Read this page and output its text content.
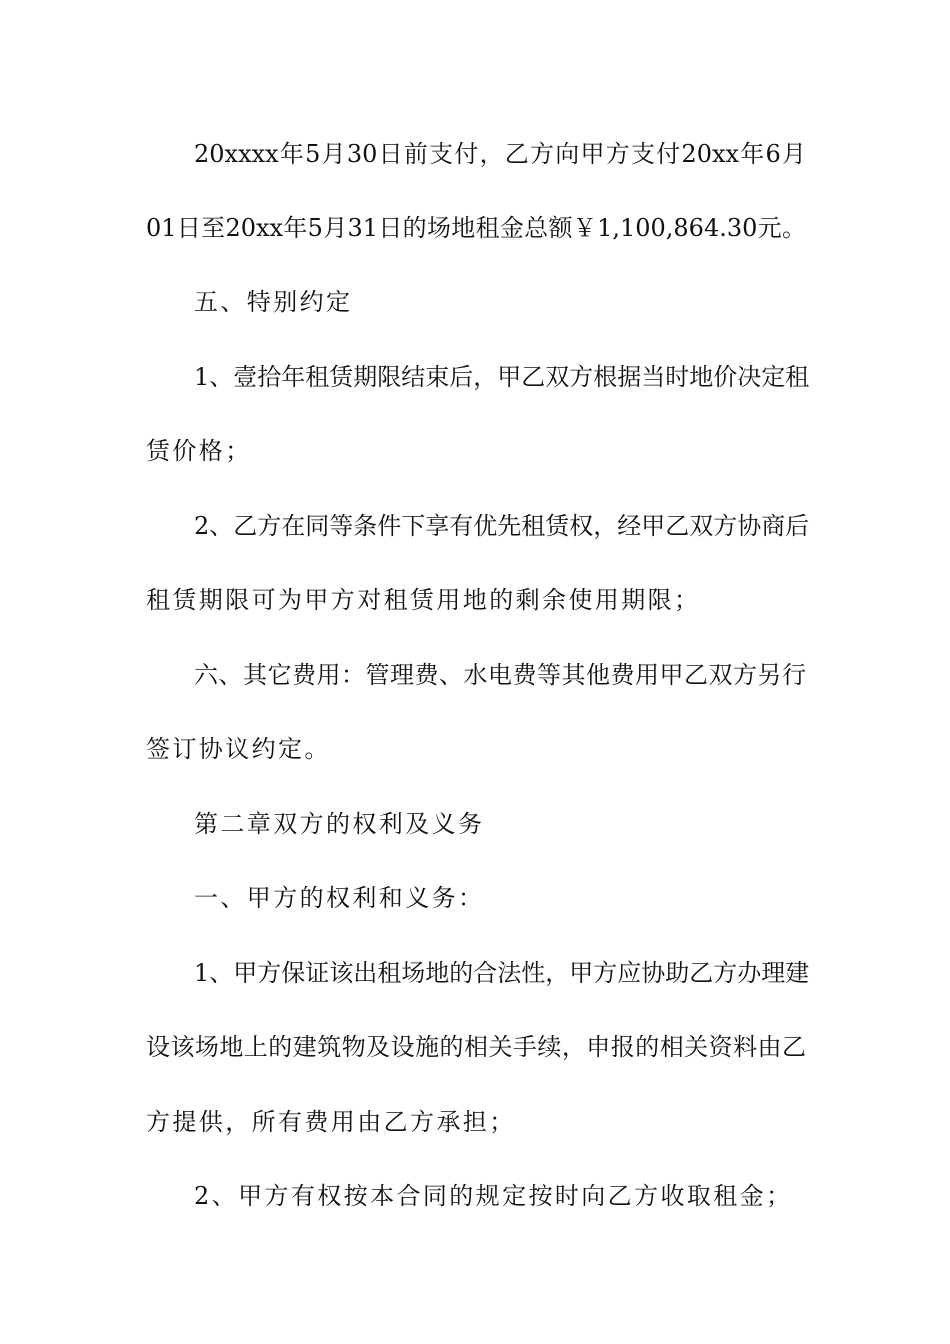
20xxxx年5月30日前支付，乙方向甲方支付20xx年6月
01日至20xx年5月31日的场地租金总额￥1,100,864.30元。
五、特别约定
1、壹拾年租赁期限结束后，甲乙双方根据当时地价决定租
赁价格；
2、乙方在同等条件下享有优先租赁权，经甲乙双方协商后
租赁期限可为甲方对租赁用地的剩余使用期限；
六、其它费用：管理费、水电费等其他费用甲乙双方另行
签订协议约定。
第二章双方的权利及义务
一、甲方的权利和义务：
1、甲方保证该出租场地的合法性，甲方应协助乙方办理建
设该场地上的建筑物及设施的相关手续，申报的相关资料由乙
方提供，所有费用由乙方承担；
2、甲方有权按本合同的规定按时向乙方收取租金；
